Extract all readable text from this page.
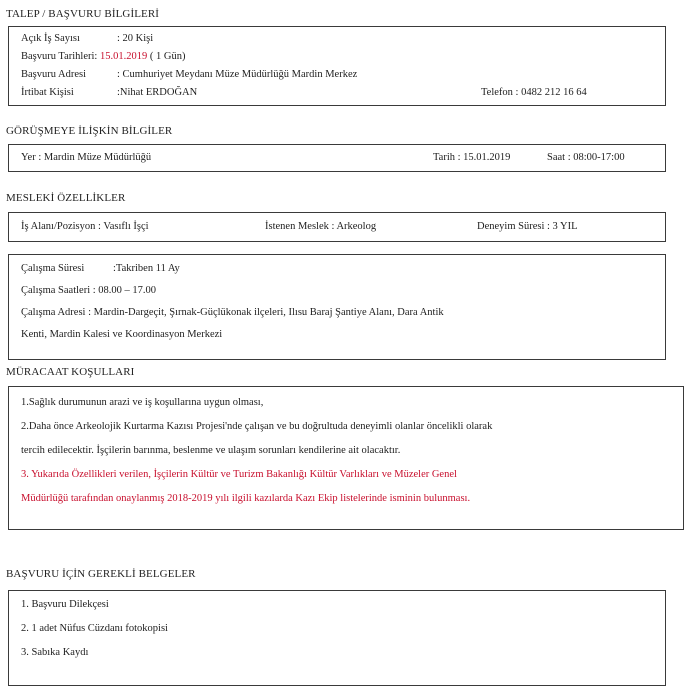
TALEP / BAŞVURU BİLGİLERİ
Açık İş Sayısı	: 20 Kişi
Başvuru Tarihleri: 15.01.2019 ( 1 Gün)
Başvuru Adresi	: Cumhuriyet Meydanı Müze Müdürlüğü Mardin Merkez
İrtibat Kişisi	:Nihat ERDOĞAN	Telefon : 0482 212 16 64
GÖRÜŞMEYE İLİŞKİN BİLGİLER
Yer : Mardin Müze Müdürlüğü	Tarih : 15.01.2019	Saat : 08:00-17:00
MESLEKİ ÖZELLİKLER
İş Alanı/Pozisyon : Vasıflı İşçi	İstenen Meslek : Arkeolog	Deneyim Süresi : 3 YIL
Çalışma Süresi	:Takriben 11 Ay
Çalışma Saatleri : 08.00 – 17.00
Çalışma Adresi : Mardin-Dargeçit, Şırnak-Güçlükonak ilçeleri, Ilısu Baraj Şantiye Alanı, Dara Antik
Kenti, Mardin Kalesi ve Koordinasyon Merkezi
MÜRACAAT KOŞULLARI
1.Sağlık durumunun arazi ve iş koşullarına uygun olması,
2.Daha önce Arkeolojik Kurtarma Kazısı Projesi'nde çalışan ve bu doğrultuda deneyimli olanlar öncelikli olarak
tercih edilecektir. İşçilerin barınma, beslenme ve ulaşım sorunları kendilerine ait olacaktır.
3. Yukarıda Özellikleri verilen, İşçilerin Kültür ve Turizm Bakanlığı Kültür Varlıkları ve Müzeler Genel
Müdürlüğü tarafından onaylanmış 2018-2019 yılı ilgili kazılarda Kazı Ekip listelerinde isminin bulunması.
BAŞVURU İÇİN GEREKLİ BELGELER
1. Başvuru Dilekçesi
2. 1 adet Nüfus Cüzdanı fotokopisi
3. Sabıka Kaydı
